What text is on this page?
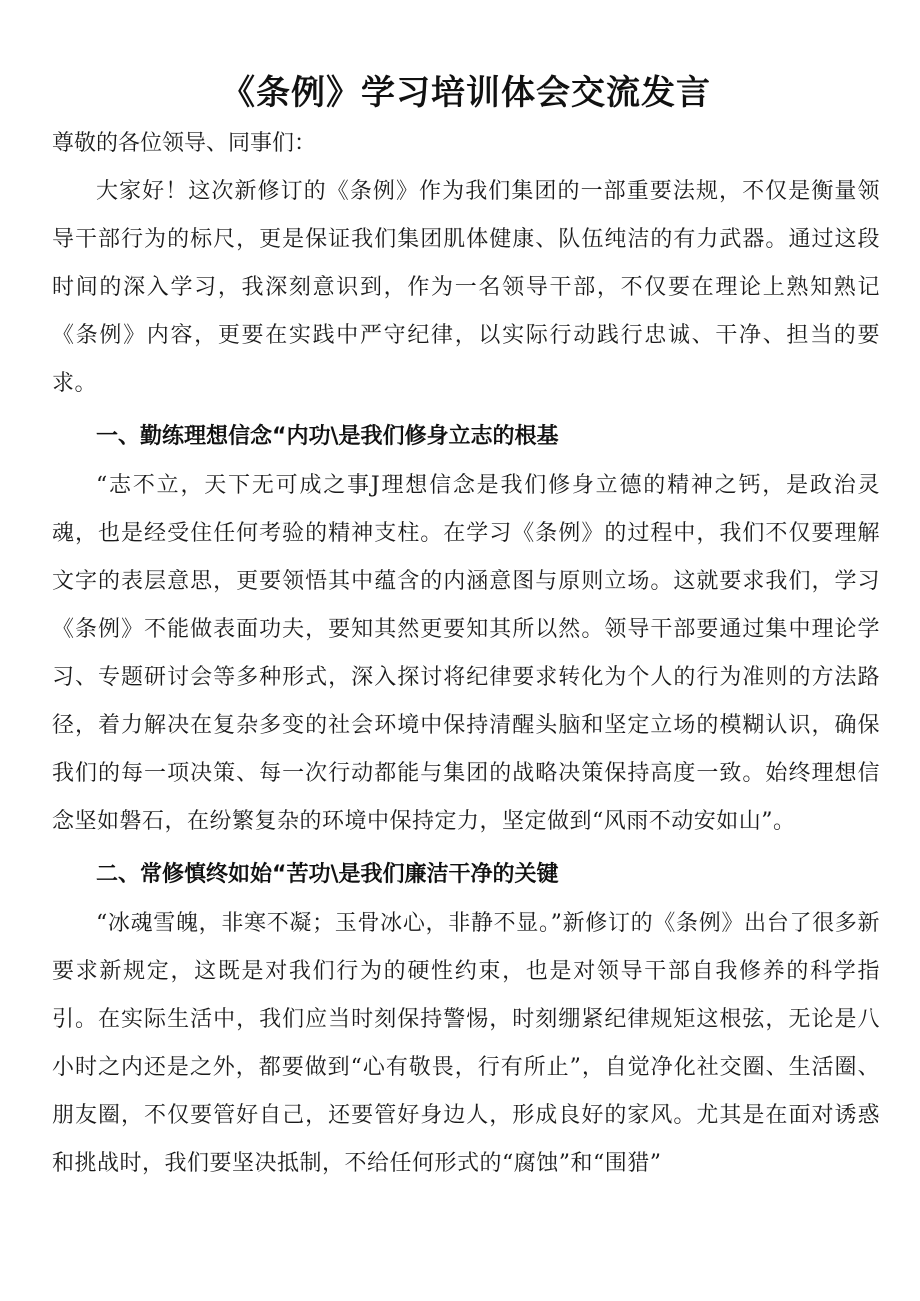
《条例》学习培训体会交流发言

尊敬的各位领导、同事们：

大家好！这次新修订的《条例》作为我们集团的一部重要法规，不仅是衡量领导干部行为的标尺，更是保证我们集团肌体健康、队伍纯洁的有力武器。通过这段时间的深入学习，我深刻意识到，作为一名领导干部，不仅要在理论上熟知熟记《条例》内容，更要在实践中严守纪律，以实际行动践行忠诚、干净、担当的要求。

一、勤练理想信念“内功\是我们修身立志的根基

“志不立，天下无可成之事J理想信念是我们修身立德的精神之钙，是政治灵魂，也是经受住任何考验的精神支柱。在学习《条例》的过程中，我们不仅要理解文字的表层意思，更要领悟其中蕴含的内涵意图与原则立场。这就要求我们，学习《条例》不能做表面功夫，要知其然更要知其所以然。领导干部要通过集中理论学习、专题研讨会等多种形式，深入探讨将纪律要求转化为个人的行为准则的方法路径，着力解决在复杂多变的社会环境中保持清醒头脑和坚定立场的模糊认识，确保我们的每一项决策、每一次行动都能与集团的战略决策保持高度一致。始终理想信念坚如磐石，在纷繁复杂的环境中保持定力，坚定做到“风雨不动安如山”。

二、常修慎终如始“苦功\是我们廉洁干净的关键

“冰魂雪魄，非寒不凝；玉骨冰心，非静不显。”新修订的《条例》出台了很多新要求新规定，这既是对我们行为的硬性约束，也是对领导干部自我修养的科学指引。在实际生活中，我们应当时刻保持警惕，时刻绷紧纪律规矩这根弦，无论是八小时之内还是之外，都要做到“心有敬畏，行有所止”，自觉净化社交圈、生活圈、朋友圈，不仅要管好自己，还要管好身边人，形成良好的家风。尤其是在面对诱惑和挑战时，我们要坚决抵制，不给任何形式的“腐蚀”和“围猎”
